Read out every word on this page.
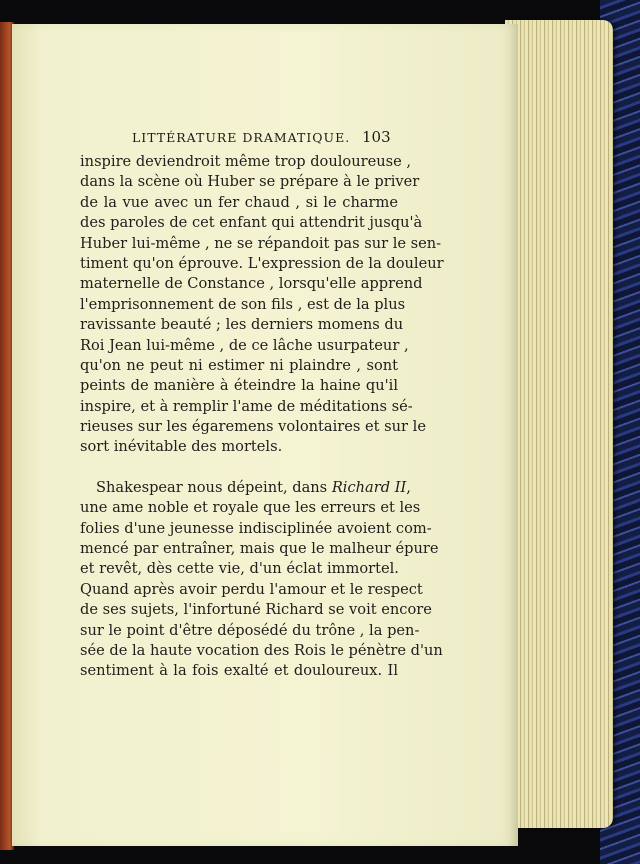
LITTÉRATURE DRAMATIQUE. 103
inspire deviendroit même trop douloureuse ,
dans la scène où Huber se prépare à le priver
de la vue avec un fer chaud , si le charme
des paroles de cet enfant qui attendrit jusqu'à
Huber lui-même , ne se répandoit pas sur le sen-
timent qu'on éprouve. L'expression de la douleur
maternelle de Constance , lorsqu'elle apprend
l'emprisonnement de son fils , est de la plus
ravissante beauté ; les derniers momens du
Roi Jean lui-même , de ce lâche usurpateur ,
qu'on ne peut ni estimer ni plaindre , sont
peints de manière à éteindre la haine qu'il
inspire, et à remplir l'ame de méditations sé-
rieuses sur les égaremens volontaires et sur le
sort inévitable des mortels.
Shakespear nous dépeint, dans Richard II,
une ame noble et royale que les erreurs et les
folies d'une jeunesse indisciplinée avoient com-
mencé par entraîner, mais que le malheur épure
et revêt, dès cette vie, d'un éclat immortel.
Quand après avoir perdu l'amour et le respect
de ses sujets, l'infortuné Richard se voit encore
sur le point d'être déposédé du trône , la pen-
sée de la haute vocation des Rois le pénètre d'un
sentiment à la fois exalté et douloureux. Il
